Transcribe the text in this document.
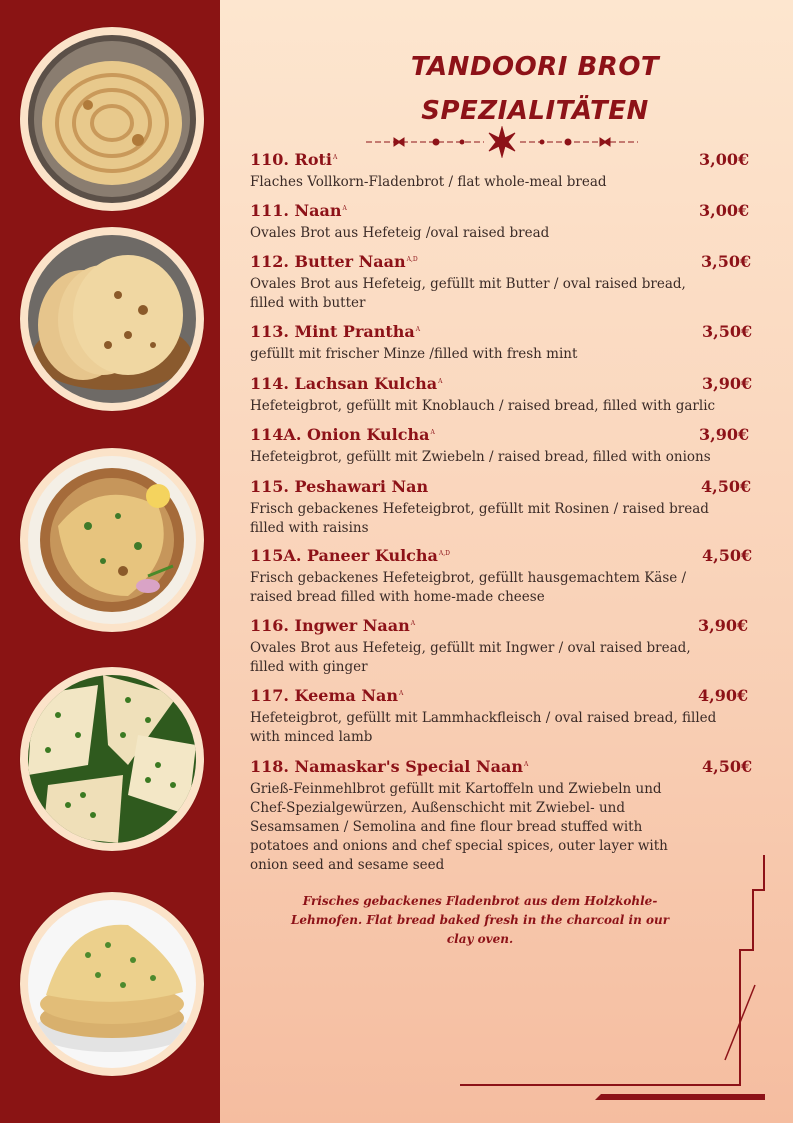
TANDOORI BROT
SPEZIALITÄTEN
110. Roti$^A$	3,00€
Flaches Vollkorn-Fladenbrot / flat whole-meal bread
111. Naan$^A$	3,00€
Ovales Brot aus Hefeteig /oval raised bread
112. Butter Naan$^{A,D}$	3,50€
Ovales Brot aus Hefeteig, gefüllt mit Butter / oval raised bread, filled with butter
113. Mint Prantha$^A$	3,50€
gefüllt mit frischer Minze /filled with fresh mint
114. Lachsan Kulcha$^A$	3,90€
Hefeteigbrot, gefüllt mit Knoblauch / raised bread, filled with garlic
114A. Onion Kulcha$^A$	3,90€
Hefeteigbrot, gefüllt mit Zwiebeln / raised bread, filled with onions
115. Peshawari Nan	4,50€
Frisch gebackenes Hefeteigbrot, gefüllt mit Rosinen / raised bread filled with raisins
115A. Paneer Kulcha$^{A,D}$	4,50€
Frisch gebackenes Hefeteigbrot, gefüllt hausgemachtem Käse / raised bread filled with home-made cheese
116. Ingwer Naan$^A$	3,90€
Ovales Brot aus Hefeteig, gefüllt mit Ingwer / oval raised bread, filled with ginger
117. Keema Nan$^A$	4,90€
Hefeteigbrot, gefüllt mit Lammhackfleisch / oval raised bread, filled with minced lamb
118. Namaskar's Special Naan$^A$	4,50€
Grieß-Feinmehlbrot gefüllt mit Kartoffeln und Zwiebeln und Chef-Spezialgewürzen, Außenschicht mit Zwiebel- und Sesamsamen / Semolina and fine flour bread stuffed with potatoes and onions and chef special spices, outer layer with onion seed and sesame seed
Frisches gebackenes Fladenbrot aus dem Holzkohle-Lehmofen. Flat bread baked fresh in the charcoal in our clay oven.
